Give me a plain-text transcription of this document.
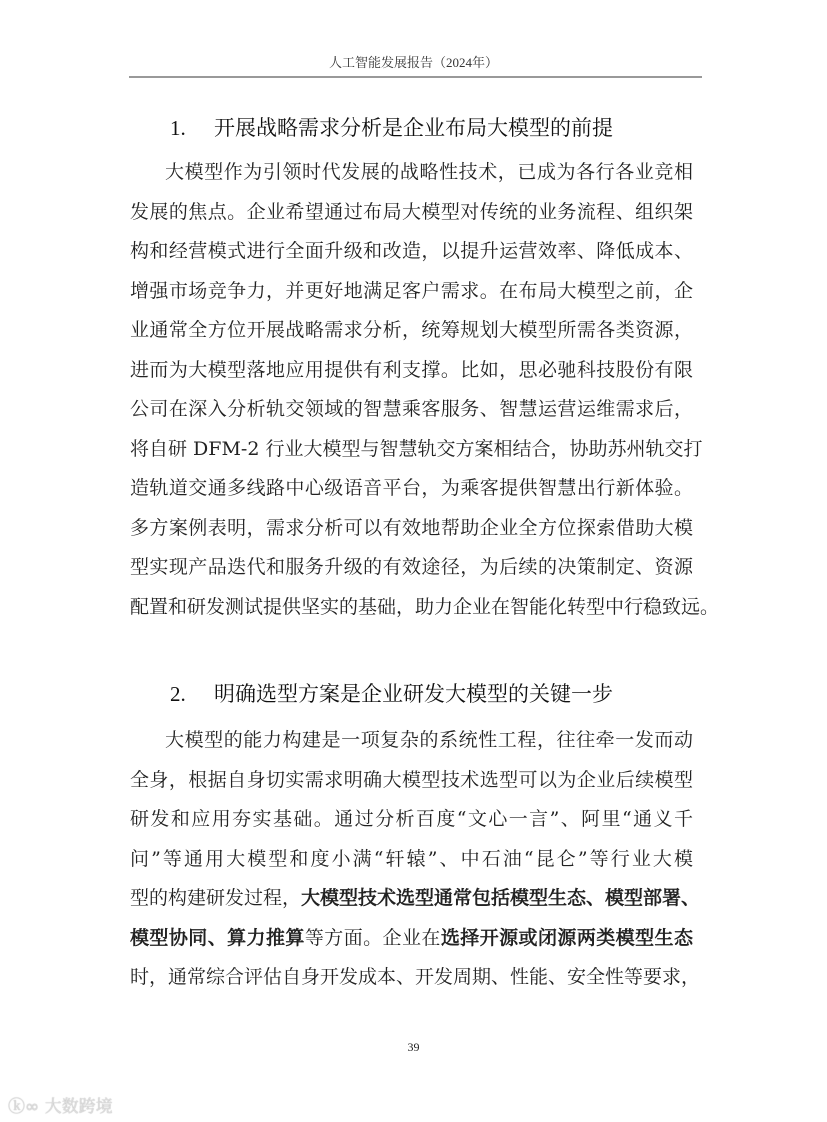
人工智能发展报告（2024年）
1. 开展战略需求分析是企业布局大模型的前提
大模型作为引领时代发展的战略性技术，已成为各行各业竞相
发展的焦点。企业希望通过布局大模型对传统的业务流程、组织架
构和经营模式进行全面升级和改造，以提升运营效率、降低成本、
增强市场竞争力，并更好地满足客户需求。在布局大模型之前，企
业通常全方位开展战略需求分析，统筹规划大模型所需各类资源，
进而为大模型落地应用提供有利支撑。比如，思必驰科技股份有限
公司在深入分析轨交领域的智慧乘客服务、智慧运营运维需求后，
将自研 DFM-2 行业大模型与智慧轨交方案相结合，协助苏州轨交打
造轨道交通多线路中心级语音平台，为乘客提供智慧出行新体验。
多方案例表明，需求分析可以有效地帮助企业全方位探索借助大模
型实现产品迭代和服务升级的有效途径，为后续的决策制定、资源
配置和研发测试提供坚实的基础，助力企业在智能化转型中行稳致远。
2. 明确选型方案是企业研发大模型的关键一步
大模型的能力构建是一项复杂的系统性工程，往往牵一发而动
全身，根据自身切实需求明确大模型技术选型可以为企业后续模型
研发和应用夯实基础。通过分析百度“文心一言”、阿里“通义千
问”等通用大模型和度小满“轩辕”、中石油“昆仑”等行业大模
型的构建研发过程，大模型技术选型通常包括模型生态、模型部署、
模型协同、算力推算等方面。企业在选择开源或闭源两类模型生态
时，通常综合评估自身开发成本、开发周期、性能、安全性等要求，
39
ⓚ∞ 大数跨境
